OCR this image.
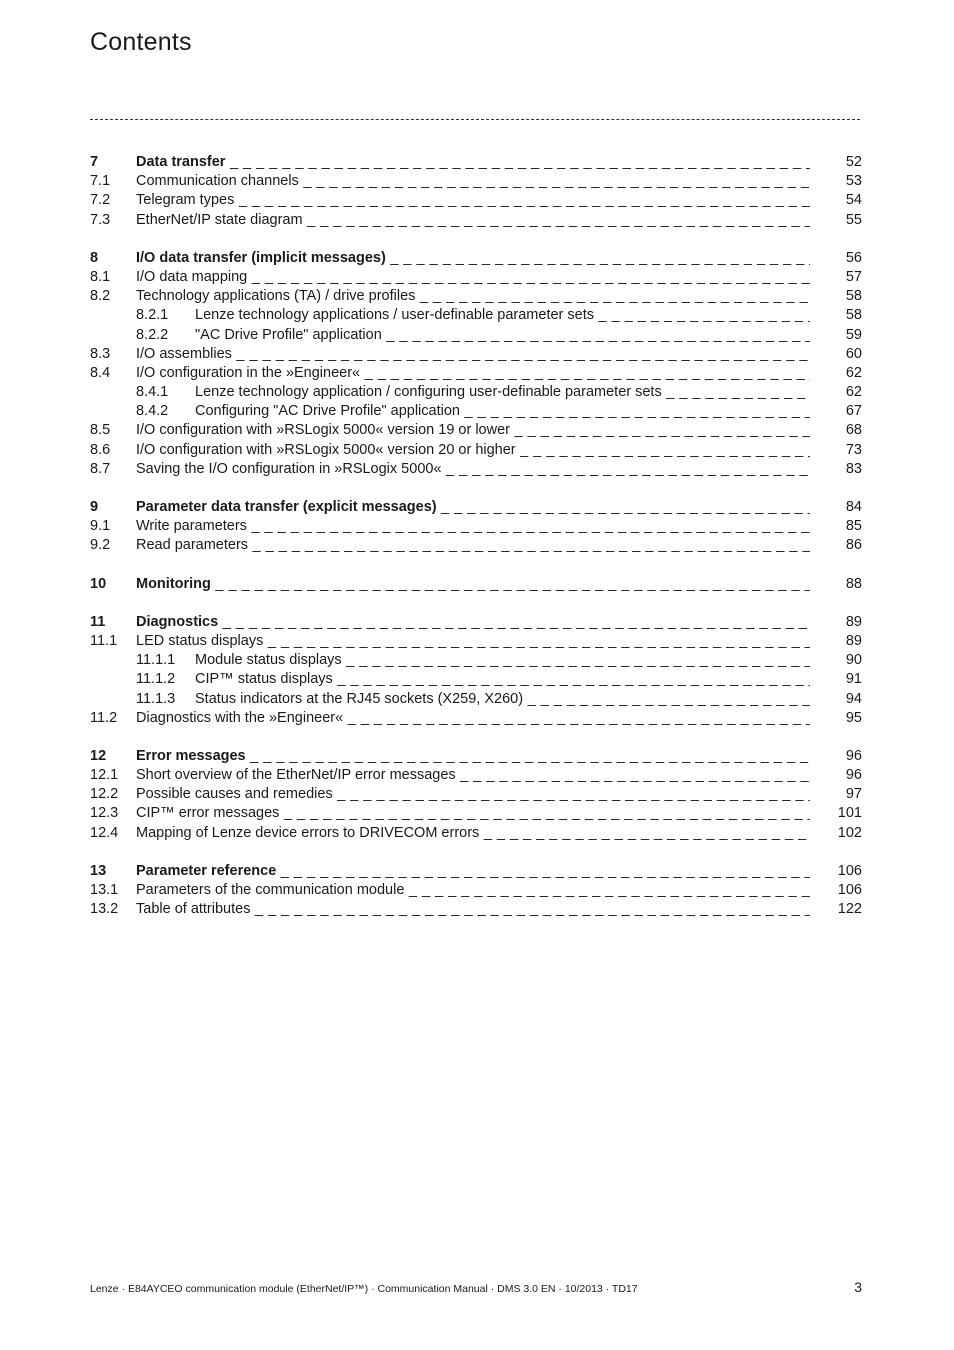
Contents
7	Data transfer _ _ _	52
7.1 Communication channels _ _ _	53
7.2 Telegram types _ _ _	54
7.3 EtherNet/IP state diagram _ _ _	55
8	I/O data transfer (implicit messages) _ _ _	56
8.1 I/O data mapping _ _ _	57
8.2 Technology applications (TA) / drive profiles _ _ _	58
8.2.1 Lenze technology applications / user-definable parameter sets _ _ _	58
8.2.2 "AC Drive Profile" application _ _ _	59
8.3 I/O assemblies _ _ _	60
8.4 I/O configuration in the »Engineer« _ _ _	62
8.4.1 Lenze technology application / configuring user-definable parameter sets _ _ _	62
8.4.2 Configuring "AC Drive Profile" application _ _ _	67
8.5 I/O configuration with »RSLogix 5000« version 19 or lower _ _ _	68
8.6 I/O configuration with »RSLogix 5000« version 20 or higher _ _ _	73
8.7 Saving the I/O configuration in »RSLogix 5000« _ _ _	83
9	Parameter data transfer (explicit messages) _ _ _	84
9.1 Write parameters _ _ _	85
9.2 Read parameters _ _ _	86
10 Monitoring _ _ _	88
11 Diagnostics _ _ _	89
11.1 LED status displays _ _ _	89
11.1.1 Module status displays _ _ _	90
11.1.2 CIP™ status displays _ _ _	91
11.1.3 Status indicators at the RJ45 sockets (X259, X260) _ _ _	94
11.2 Diagnostics with the »Engineer« _ _ _	95
12 Error messages _ _ _	96
12.1 Short overview of the EtherNet/IP error messages _ _ _	96
12.2 Possible causes and remedies _ _ _	97
12.3 CIP™ error messages _ _ _	101
12.4 Mapping of Lenze device errors to DRIVECOM errors _ _ _	102
13 Parameter reference _ _ _	106
13.1 Parameters of the communication module _ _ _	106
13.2 Table of attributes _ _ _	122
Lenze · E84AYCEO communication module (EtherNet/IP™) · Communication Manual · DMS 3.0 EN · 10/2013 · TD17	3
